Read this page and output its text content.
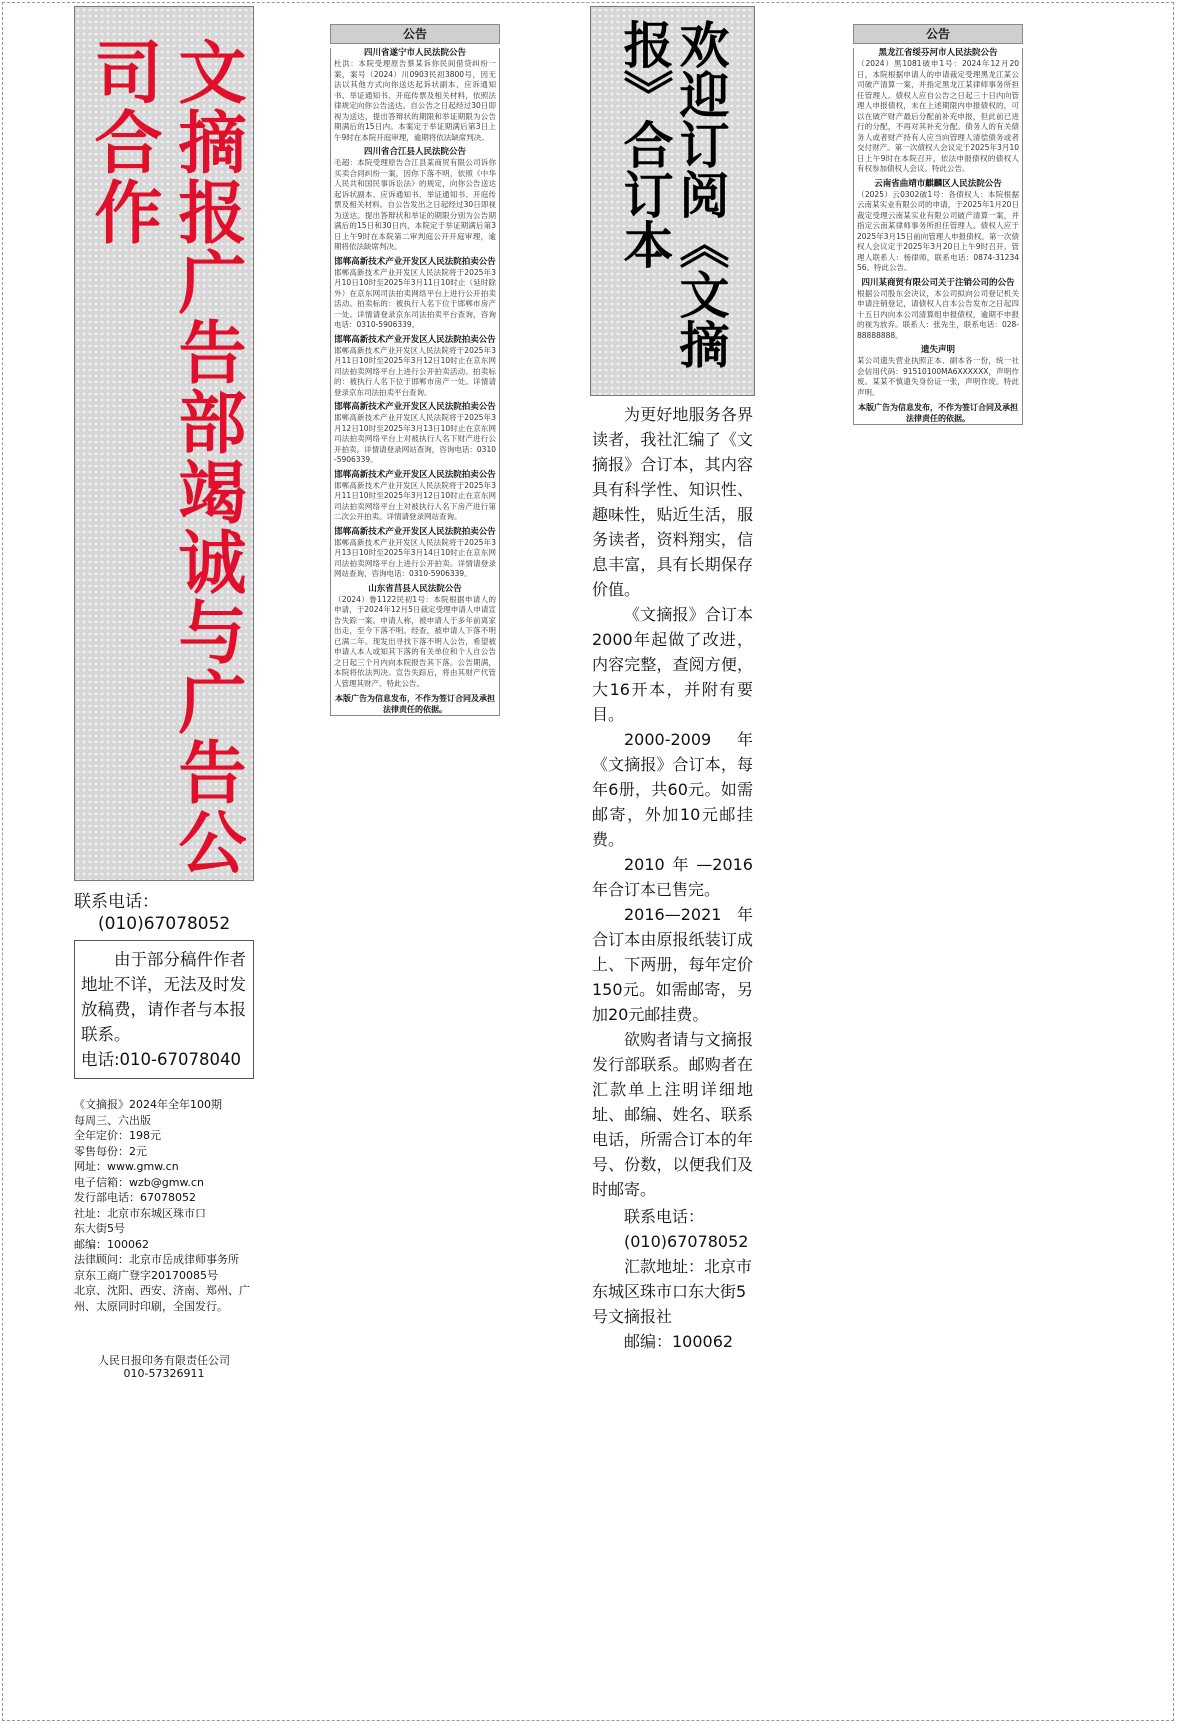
文摘报广告部竭诚与广告公司合作
联系电话：
(010)67078052
由于部分稿件作者地址不详，无法及时发放稿费，请作者与本报联系。
电话:010-67078040
《文摘报》2024年全年100期
每周三、六出版
全年定价：198元
零售每份：2元
网址：www.gmw.cn
电子信箱：wzb@gmw.cn
发行部电话：67078052
社址：北京市东城区珠市口
东大街5号
邮编：100062
法律顾问：北京市岳成律师事务所
京东工商广登字20170085号
北京、沈阳、西安、济南、郑州、广州、太原同时印刷，全国发行。
人民日报印务有限责任公司
010-57326911
公告
四川省遂宁市人民法院公告
杜洪：本院受理原告蔡某诉你民间借贷纠纷一案，案号（2024）川0903民初3800号，因无法以其他方式向你送达起诉状副本、应诉通知书、举证通知书、开庭传票及相关材料，依照法律规定向你公告送达。自公告之日起经过30日即视为送达，提出答辩状的期限和举证期限为公告期满后的15日内。本案定于举证期满后第3日上午9时在本院开庭审理，逾期将依法缺席判决。
四川省合江县人民法院公告
毛超：本院受理原告合江县某商贸有限公司诉你买卖合同纠纷一案，因你下落不明，依照《中华人民共和国民事诉讼法》的规定，向你公告送达起诉状副本、应诉通知书、举证通知书、开庭传票及相关材料。自公告发出之日起经过30日即视为送达。提出答辩状和举证的期限分别为公告期满后的15日和30日内，本院定于举证期满后第3日上午9时在本院第二审判庭公开开庭审理，逾期将依法缺席判决。
邯郸高新技术产业开发区人民法院拍卖公告
邯郸高新技术产业开发区人民法院将于2025年3月10日10时至2025年3月11日10时止（延时除外）在京东网司法拍卖网络平台上进行公开拍卖活动。拍卖标的：被执行人名下位于邯郸市房产一处。详情请登录京东司法拍卖平台查询，咨询电话：0310-5906339。
邯郸高新技术产业开发区人民法院拍卖公告
邯郸高新技术产业开发区人民法院将于2025年3月11日10时至2025年3月12日10时止在京东网司法拍卖网络平台上进行公开拍卖活动。拍卖标的：被执行人名下位于邯郸市房产一处。详情请登录京东司法拍卖平台查询。
邯郸高新技术产业开发区人民法院拍卖公告
邯郸高新技术产业开发区人民法院将于2025年3月12日10时至2025年3月13日10时止在京东网司法拍卖网络平台上对被执行人名下财产进行公开拍卖。详情请登录网站查询，咨询电话：0310-5906339。
邯郸高新技术产业开发区人民法院拍卖公告
邯郸高新技术产业开发区人民法院将于2025年3月11日10时至2025年3月12日10时止在京东网司法拍卖网络平台上对被执行人名下房产进行第二次公开拍卖。详情请登录网站查询。
邯郸高新技术产业开发区人民法院拍卖公告
邯郸高新技术产业开发区人民法院将于2025年3月13日10时至2025年3月14日10时止在京东网司法拍卖网络平台上进行公开拍卖。详情请登录网站查询，咨询电话：0310-5906339。
山东省莒县人民法院公告
（2024）鲁1122民初1号：本院根据申请人的申请，于2024年12月5日裁定受理申请人申请宣告失踪一案。申请人称，被申请人于多年前离家出走，至今下落不明。经查，被申请人下落不明已满二年。现发出寻找下落不明人公告，希望被申请人本人或知其下落的有关单位和个人自公告之日起三个月内向本院报告其下落。公告期满，本院将依法判决。宣告失踪后，将由其财产代管人管理其财产。特此公告。
本版广告为信息发布，不作为签订合同及承担法律责任的依据。
欢迎订阅《文摘报》合订本

为更好地服务各界读者，我社汇编了《文摘报》合订本，其内容具有科学性、知识性、趣味性，贴近生活，服务读者，资料翔实，信息丰富，具有长期保存价值。

《文摘报》合订本2000年起做了改进，内容完整，查阅方便，大16开本，并附有要目。

2000-2009年《文摘报》合订本，每年6册，共60元。如需邮寄，外加10元邮挂费。

2010年—2016年合订本已售完。

2016—2021年合订本由原报纸装订成上、下两册，每年定价150元。如需邮寄，另加20元邮挂费。

欲购者请与文摘报发行部联系。邮购者在汇款单上注明详细地址、邮编、姓名、联系电话，所需合订本的年号、份数，以便我们及时邮寄。

联系电话：
(010)67078052
汇款地址：北京市东城区珠市口东大街5号文摘报社
邮编：100062
公告
黑龙江省绥芬河市人民法院公告
（2024）黑1081破申1号：2024年12月20日，本院根据申请人的申请裁定受理黑龙江某公司破产清算一案，并指定黑龙江某律师事务所担任管理人。债权人应自公告之日起三十日内向管理人申报债权，未在上述期限内申报债权的，可以在破产财产最后分配前补充申报，但此前已进行的分配，不再对其补充分配。债务人的有关债务人或者财产持有人应当向管理人清偿债务或者交付财产。第一次债权人会议定于2025年3月10日上午9时在本院召开，依法申报债权的债权人有权参加债权人会议。特此公告。
云南省曲靖市麒麟区人民法院公告
（2025）云0302破1号：各债权人：本院根据云南某实业有限公司的申请，于2025年1月20日裁定受理云南某实业有限公司破产清算一案，并指定云南某律师事务所担任管理人。债权人应于2025年3月15日前向管理人申报债权。第一次债权人会议定于2025年3月20日上午9时召开。管理人联系人：杨律师，联系电话：0874-3123456。特此公告。
四川某商贸有限公司关于注销公司的公告
根据公司股东会决议，本公司拟向公司登记机关申请注销登记，请债权人自本公告发布之日起四十五日内向本公司清算组申报债权，逾期不申报的视为放弃。联系人：张先生，联系电话：028-88888888。
遗失声明
某公司遗失营业执照正本、副本各一份，统一社会信用代码：91510100MA6XXXXXX，声明作废。某某不慎遗失身份证一张，声明作废。特此声明。
本版广告为信息发布，不作为签订合同及承担法律责任的依据。
